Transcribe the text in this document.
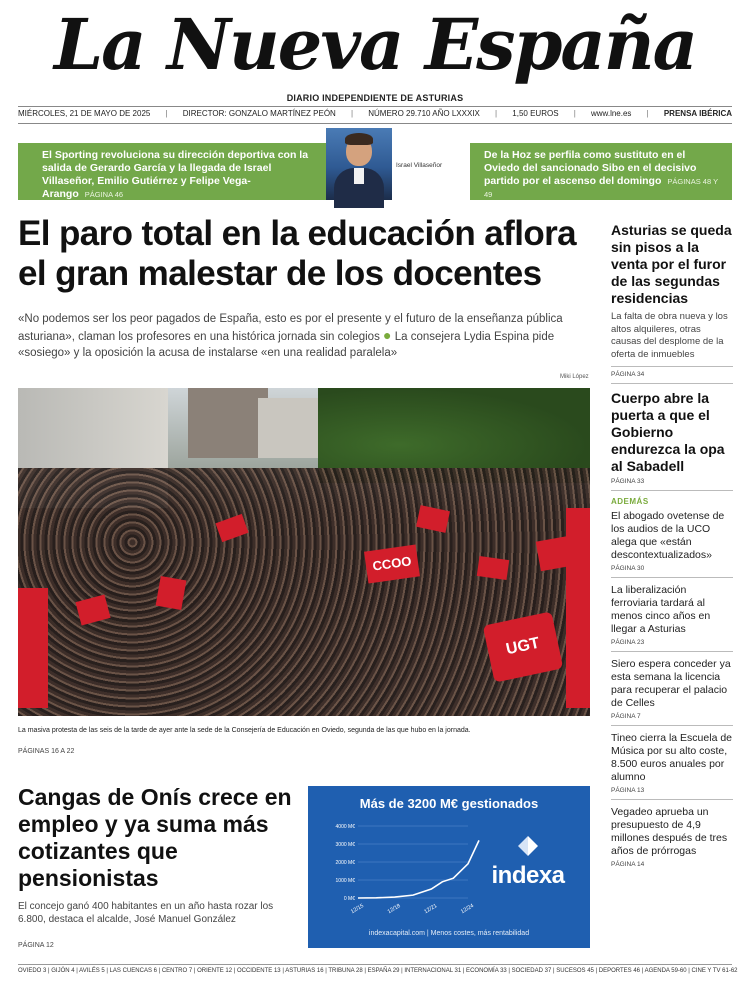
La Nueva España
DIARIO INDEPENDIENTE DE ASTURIAS
MIÉRCOLES, 21 DE MAYO DE 2025 | DIRECTOR: GONZALO MARTÍNEZ PEÓN | NÚMERO 29.710 AÑO LXXXIX | 1,50 EUROS | www.lne.es | PRENSA IBÉRICA
El Sporting revoluciona su dirección deportiva con la salida de Gerardo García y la llegada de Israel Villaseñor, Emilio Gutiérrez y Felipe Vega-Arango PÁGINA 46
Israel Villaseñor
De la Hoz se perfila como sustituto en el Oviedo del sancionado Sibo en el decisivo partido por el ascenso del domingo PÁGINAS 48 Y 49
El paro total en la educación aflora el gran malestar de los docentes

«No podemos ser los peor pagados de España, esto es por el presente y el futuro de la enseñanza pública asturiana», claman los profesores en una histórica jornada sin colegios ● La consejera Lydia Espina pide «sosiego» y la oposición la acusa de instalarse «en una realidad paralela»

Miki López
CCOO
UGT
La masiva protesta de las seis de la tarde de ayer ante la sede de la Consejería de Educación en Oviedo, segunda de las que hubo en la jornada.
PÁGINAS 16 A 22
Cangas de Onís crece en empleo y ya suma más cotizantes que pensionistas

El concejo ganó 400 habitantes en un año hasta rozar los 6.800, destaca el alcalde, José Manuel González

PÁGINA 12
Más de 3200 M€ gestionados
0 M€
1000 M€
2000 M€
3000 M€
4000 M€
12/15	12/18	12/21	12/24
indexa
indexacapital.com | Menos costes, más rentabilidad
Asturias se queda sin pisos a la venta por el furor de las segundas residencias
La falta de obra nueva y los altos alquileres, otras causas del desplome de la oferta de inmuebles
PÁGINA 34
Cuerpo abre la puerta a que el Gobierno endurezca la opa al Sabadell
PÁGINA 33
ADEMÁS
El abogado ovetense de los audios de la UCO alega que «están descontextualizados»
PÁGINA 30
La liberalización ferroviaria tardará al menos cinco años en llegar a Asturias
PÁGINA 23
Siero espera conceder ya esta semana la licencia para recuperar el palacio de Celles
PÁGINA 7
Tineo cierra la Escuela de Música por su alto coste, 8.500 euros anuales por alumno
PÁGINA 13
Vegadeo aprueba un presupuesto de 4,9 millones después de tres años de prórrogas
PÁGINA 14
OVIEDO 3 | GIJÓN 4 | AVILÉS 5 | LAS CUENCAS 6 | CENTRO 7 | ORIENTE 12 | OCCIDENTE 13 | ASTURIAS 16 | TRIBUNA 28 | ESPAÑA 29 | INTERNACIONAL 31 | ECONOMÍA 33 | SOCIEDAD 37 | SUCESOS 45 | DEPORTES 46 | AGENDA 59-60 | CINE Y TV 61-62
